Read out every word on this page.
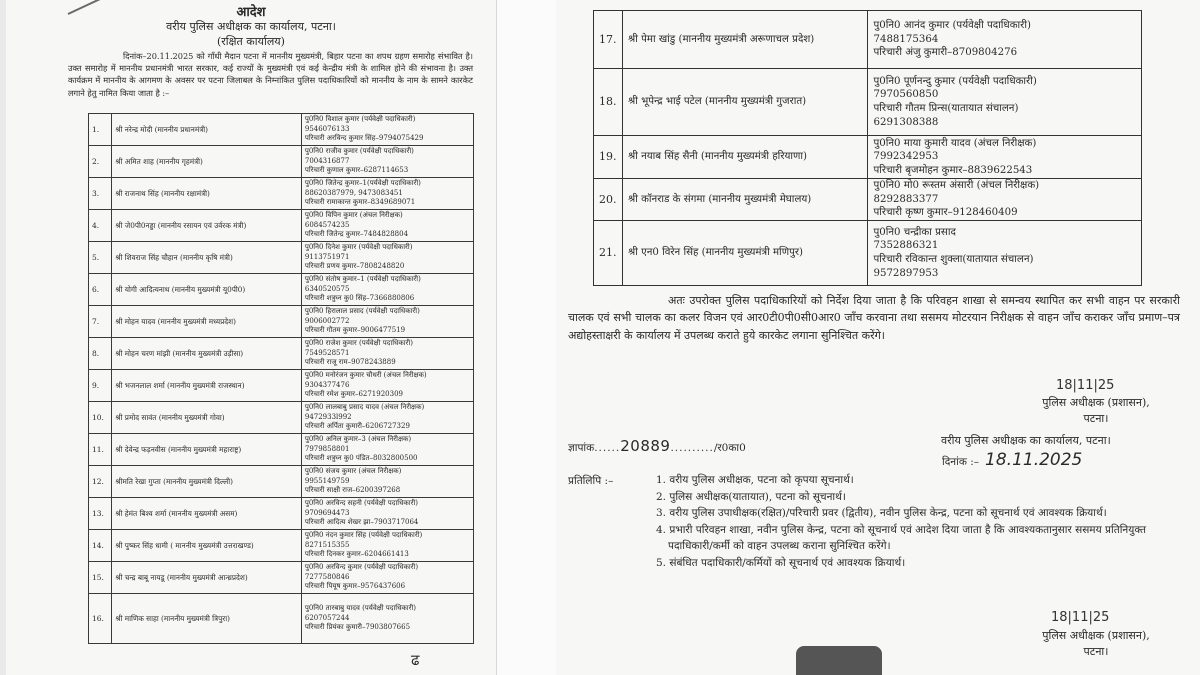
आदेश
वरीय पुलिस अधीक्षक का कार्यालय, पटना।
(रक्षित कार्यालय)
दिनांक–20.11.2025 को गाँधी मैदान पटना में माननीय मुख्यमंत्री, बिहार पटना का शपथ ग्रहण समारोह संभावित है। उक्त समारोह में माननीय प्रधानमंत्री भारत सरकार, कई राज्यों के मुख्यमंत्री एवं कई केन्द्रीय मंत्री के शामिल होने की संभावना है। उक्त कार्यक्रम में माननीय के आगमण के अवसर पर पटना जिलाबल के निम्नांकित पुलिस पदाधिकारियों को माननीय के नाम के सामने कारकेट लगाने हेतु नामित किया जाता है :–
1.	श्री नरेन्द्र मोदी (माननीय प्रधानमंत्री)	पु0नि0 विशाल कुमार (पर्यवेक्षी पदाधिकारी)
9546076133
परिचारी अरविन्द कुमार सिंह–9794075429

2.	श्री अमित शाह (माननीय गृहमंत्री)	पु0नि0 राजीव कुमार (पर्यवेक्षी पदाधिकारी)
7004316877
परिचारी कुणाल कुमार–6287114653

3.	श्री राजनाथ सिंह (माननीय रक्षामंत्री)	पु0नि0 जितेन्द्र कुमार–1(पर्यवेक्षी पदाधिकारी)
88620387979, 9473083451
परिचारी रामाकान्त कुमार–8349689071

4.	श्री जे0पी0नड्डा (माननीय रसायन एवं उर्वरक मंत्री)	पु0नि0 विपिन कुमार (अंचल निरीक्षक)
6084574235
परिचारी जितेन्द्र कुमार–7484828804

5.	श्री शिवराज सिंह चौहान (माननीय कृषि मंत्री)	पु0नि0 दिनेश कुमार (पर्यवेक्षी पदाधिकारी)
9113751971
परिचारी प्रणय कुमार–7808248820

6.	श्री योगी आदित्यनाथ (माननीय मुख्यमंत्री यू0पी0)	पु0नि0 संतोष कुमार–1 (पर्यवेक्षी पदाधिकारी)
6340520575
परिचारी शत्रुघ्न कु0 सिंह–7366880806

7.	श्री मोहन यादव (माननीय मुख्यमंत्री मध्यप्रदेश)	पु0नि0 हिरालाल प्रसाद (पर्यवेक्षी पदाधिकारी)
9006002772
परिचारी गौतम कुमार–9006477519

8.	श्री मोहन चरण मांझी (माननीय मुख्यमंत्री उड़ीसा)	पु0नि0 राजेश कुमार (पर्यवेक्षी पदाधिकारी)
7549528571
परिचारी राजू राम–9078243889

9.	श्री भजनलाल शर्मा (माननीय मुख्यमंत्री राजस्थान)	पु0नि0 मनोरंजन कुमार चौधरी (अंचल निरीक्षक)
9304377476
परिचारी रमेश कुमार–6271920309

10.	श्री प्रमोद सावंत (माननीय मुख्यमंत्री गोवा)	पु0नि0 लालबाबु प्रसाद यादव (अंचल निरीक्षक)
9472933l992
परिचारी अर्पिता कुमारी–6206727329

11.	श्री देवेन्द्र फड़नवीस (माननीय मुख्यमंत्री महाराष्ट्र)	पु0नि0 अनिल कुमार–3 (अंचल निरीक्षक)
7979858801
परिचारी शत्रुघ्न कु0 पंडित–8032800500

12.	श्रीमति रेखा गुप्ता (माननीय मुख्यमंत्री दिल्ली)	पु0नि0 संजय कुमार (अंचल निरीक्षक)
9955149759
परिचारी साक्षी राज–6200397268

13.	श्री हेमंत बिश्व शर्मा (माननीय मुख्यमंत्री असम)	पु0नि0 अरविन्द सहनी (पर्यवेक्षी पदाधिकारी)
9709694473
परिचारी आदित्य शेखर झा–7903717064

14.	श्री पुष्कर सिंह धामी ( माननीय मुख्यमंत्री उत्तराखण्ड)	पु0नि0 नंदन कुमार सिंह (पर्यवेक्षी पदाधिकारी)
8271515355
परिचारी दिनकर कुमार–6204661413

15.	श्री चन्द्र बाबू नायडू (माननीय मुख्यमंत्री आन्ध्रप्रदेश)	पु0नि0 अरविन्द कुमार (पर्यवेक्षी पदाधिकारी)
7277580846
परिचारी पियूष कुमार–9576437606

16.	श्री माणिक साहा (माननीय मुख्यमंत्री त्रिपुरा)	पु0नि0 तारबाबु यादव (पर्यवेक्षी पदाधिकारी)
6207057244
परिचारी प्रियंका कुमारी–7903807665
ढ
17.	श्री पेमा खांडु (माननीय मुख्यमंत्री अरूणाचल प्रदेश)	पु0नि0 आनंद कुमार (पर्यवेक्षी पदाधिकारी)
7488175364
परिचारी अंजु कुमारी–8709804276

18.	श्री भूपेन्द्र भाई पटेल (माननीय मुख्यमंत्री गुजरात)	पु0नि0 पूर्णनन्दु कुमार (पर्यवेक्षी पदाधिकारी)
7970560850
परिचारी गौतम प्रिन्स(यातायात संचालन)
6291308388

19.	श्री नयाब सिंह सैनी (माननीय मुख्यमंत्री हरियाणा)	पु0नि0 माया कुमारी यादव (अंचल निरीक्षक)
7992342953
परिचारी बृजमोहन कुमार–8839622543

20.	श्री कॉनराड के संगमा (माननीय मुख्यमंत्री मेघालय)	पु0नि0 मो0 रूस्तम अंसारी (अंचल निरीक्षक)
8292883377
परिचारी कृष्ण कुमार–9128460409

21.	श्री एन0 विरेन सिंह (माननीय मुख्यमंत्री मणिपुर)	पु0नि0 चन्द्रीका प्रसाद
7352886321
परिचारी रविकान्त शुक्ला(यातायात संचालन)
9572897953
अतः उपरोक्त पुलिस पदाधिकारियों को निर्देश दिया जाता है कि परिवहन शाखा से समन्वय स्थापित कर सभी वाहन पर सरकारी चालक एवं सभी चालक का कलर विजन एवं आर0टी0पी0सी0आर0 जाँच करवाना तथा ससमय मोटरयान निरीक्षक से वाहन जाँच कराकर जाँच प्रमाण–पत्र अद्योहस्ताक्षरी के कार्यालय में उपलब्ध कराते हुये कारकेट लगाना सुनिश्चित करेंगे।
18|11|25
पुलिस अधीक्षक (प्रशासन),
पटना।
ज्ञापांक......20889........../र0का0
वरीय पुलिस अधीक्षक का कार्यालय, पटना।
दिनांक :– 18.11.2025
प्रतिलिपि :–	1. वरीय पुलिस अधीक्षक, पटना को कृपया सूचनार्थ।
2. पुलिस अधीक्षक(यातायात), पटना को सूचनार्थ।
3. वरीय पुलिस उपाधीक्षक(रक्षित)/परिचारी प्रवर (द्वितीय), नवीन पुलिस केन्द्र, पटना को सूचनार्थ एवं आवश्यक क्रियार्थ।
4. प्रभारी परिवहन शाखा, नवीन पुलिस केन्द्र, पटना को सूचनार्थ एवं आदेश दिया जाता है कि आवश्यकतानुसार ससमय प्रतिनियुक्त पदाधिकारी/कर्मी को वाहन उपलब्ध कराना सुनिश्चित करेंगे।
5. संबंधित पदाधिकारी/कर्मियों को सूचनार्थ एवं आवश्यक क्रियार्थ।
18|11|25
पुलिस अधीक्षक (प्रशासन),
पटना।
